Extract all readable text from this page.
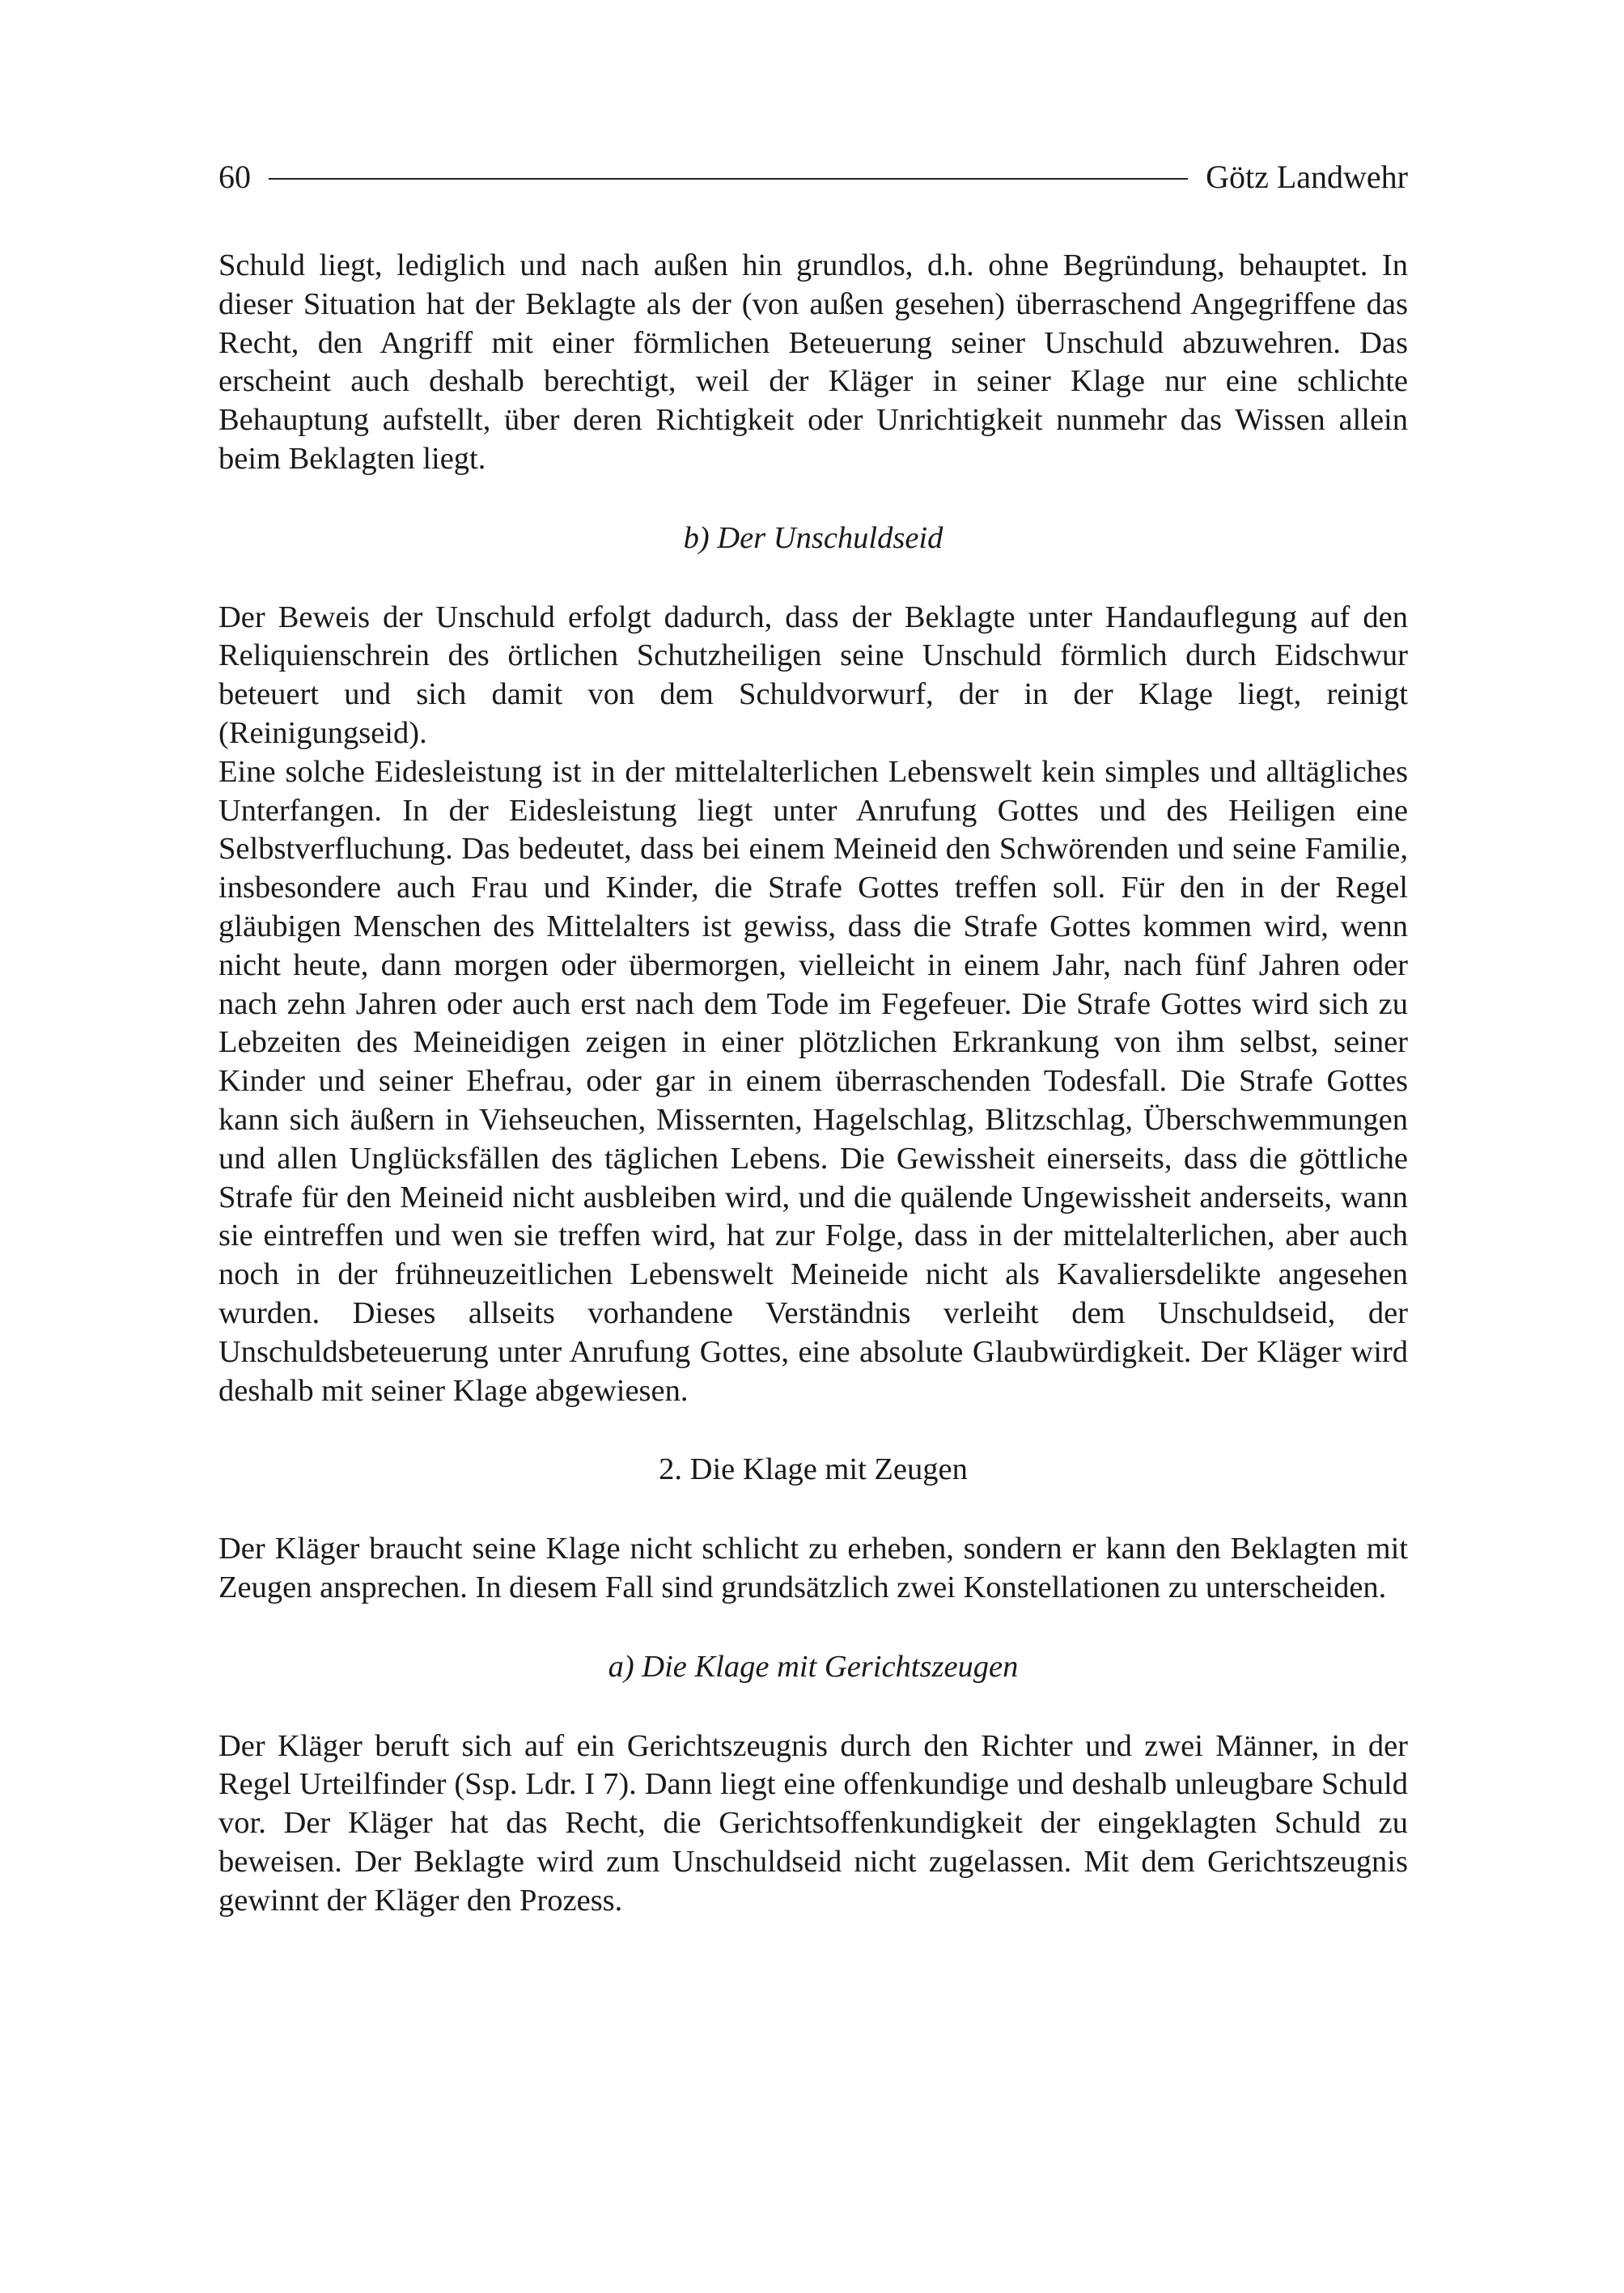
60	Götz Landwehr

Schuld liegt, lediglich und nach außen hin grundlos, d.h. ohne Begründung, behauptet. In dieser Situation hat der Beklagte als der (von außen gesehen) überraschend Angegriffene das Recht, den Angriff mit einer förmlichen Beteuerung seiner Unschuld abzuwehren. Das erscheint auch deshalb berechtigt, weil der Kläger in seiner Klage nur eine schlichte Behauptung aufstellt, über deren Richtigkeit oder Unrichtigkeit nunmehr das Wissen allein beim Beklagten liegt.

b) Der Unschuldseid

Der Beweis der Unschuld erfolgt dadurch, dass der Beklagte unter Handauflegung auf den Reliquienschrein des örtlichen Schutzheiligen seine Unschuld förmlich durch Eidschwur beteuert und sich damit von dem Schuldvorwurf, der in der Klage liegt, reinigt (Reinigungseid).

Eine solche Eidesleistung ist in der mittelalterlichen Lebenswelt kein simples und alltägliches Unterfangen. In der Eidesleistung liegt unter Anrufung Gottes und des Heiligen eine Selbstverfluchung. Das bedeutet, dass bei einem Meineid den Schwörenden und seine Familie, insbesondere auch Frau und Kinder, die Strafe Gottes treffen soll. Für den in der Regel gläubigen Menschen des Mittelalters ist gewiss, dass die Strafe Gottes kommen wird, wenn nicht heute, dann morgen oder übermorgen, vielleicht in einem Jahr, nach fünf Jahren oder nach zehn Jahren oder auch erst nach dem Tode im Fegefeuer. Die Strafe Gottes wird sich zu Lebzeiten des Meineidigen zeigen in einer plötzlichen Erkrankung von ihm selbst, seiner Kinder und seiner Ehefrau, oder gar in einem überraschenden Todesfall. Die Strafe Gottes kann sich äußern in Viehseuchen, Missernten, Hagelschlag, Blitzschlag, Überschwemmungen und allen Unglücksfällen des täglichen Lebens. Die Gewissheit einerseits, dass die göttliche Strafe für den Meineid nicht ausbleiben wird, und die quälende Ungewissheit anderseits, wann sie eintreffen und wen sie treffen wird, hat zur Folge, dass in der mittelalterlichen, aber auch noch in der frühneuzeitlichen Lebenswelt Meineide nicht als Kavaliersdelikte angesehen wurden. Dieses allseits vorhandene Verständnis verleiht dem Unschuldseid, der Unschuldsbeteuerung unter Anrufung Gottes, eine absolute Glaubwürdigkeit. Der Kläger wird deshalb mit seiner Klage abgewiesen.

2. Die Klage mit Zeugen

Der Kläger braucht seine Klage nicht schlicht zu erheben, sondern er kann den Beklagten mit Zeugen ansprechen. In diesem Fall sind grundsätzlich zwei Konstellationen zu unterscheiden.

a) Die Klage mit Gerichtszeugen

Der Kläger beruft sich auf ein Gerichtszeugnis durch den Richter und zwei Männer, in der Regel Urteilfinder (Ssp. Ldr. I 7). Dann liegt eine offenkundige und deshalb unleugbare Schuld vor. Der Kläger hat das Recht, die Gerichtsoffenkundigkeit der eingeklagten Schuld zu beweisen. Der Beklagte wird zum Unschuldseid nicht zugelassen. Mit dem Gerichtszeugnis gewinnt der Kläger den Prozess.
